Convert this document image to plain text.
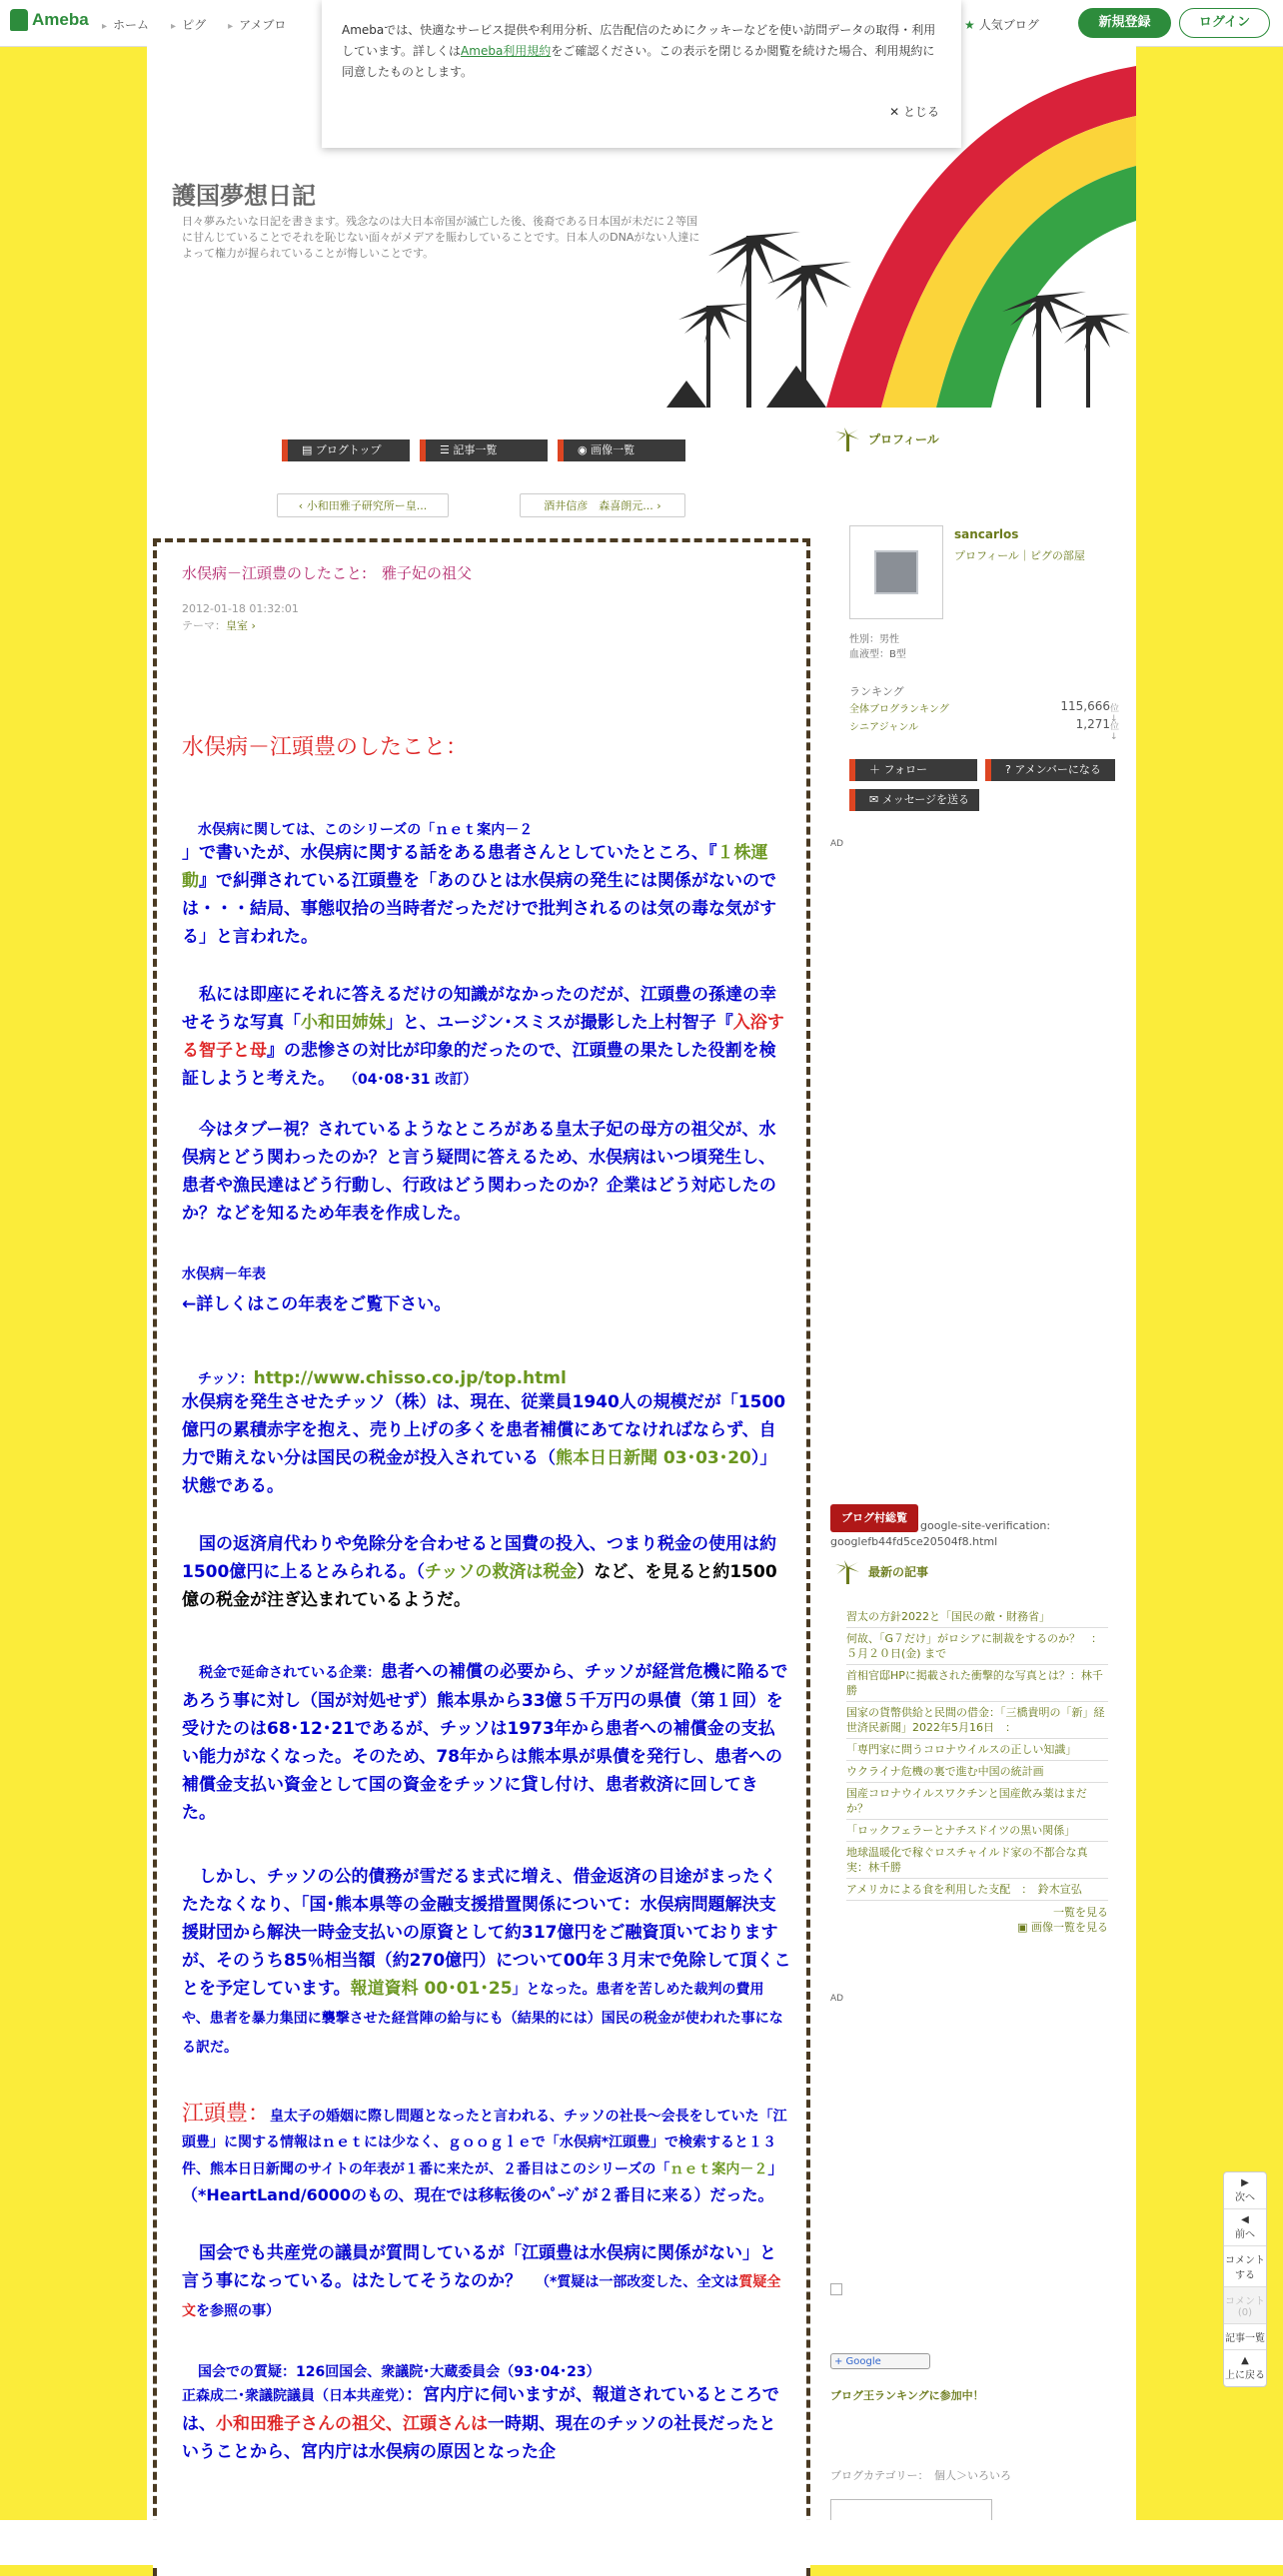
Ameba	▸ ホーム	▸ ピグ	▸ アメブロ	★ 人気ブログ	新規登録	ログイン

Amebaでは、快適なサービス提供や利用分析、広告配信のためにクッキーなどを使い訪問データの取得・利用しています。詳しくはAmeba利用規約をご確認ください。この表示を閉じるか閲覧を続けた場合、利用規約に同意したものとします。

✕ とじる
護国夢想日記
日々夢みたいな日記を書きます。残念なのは大日本帝国が滅亡した後、後裔である日本国が未だに２等国に甘んじていることでそれを恥じない面々がメデアを賑わしていることです。日本人のDNAがない人達によって権力が握られていることが悔しいことです。
▤ ブログトップ	☰ 記事一覧	◉ 画像一覧
‹ 小和田雅子研究所ー皇...	酒井信彦　森喜朗元... ›
水俣病－江頭豊のしたこと:　雅子妃の祖父
2012-01-18 01:32:01
テーマ：皇室 ›

水俣病－江頭豊のしたこと：

水俣病に関しては、このシリーズの「ｎｅｔ案内－２

」で書いたが、水俣病に関する話をある患者さんとしていたところ、『１株運動』で糾弾されている江頭豊を「あのひとは水俣病の発生には関係がないのでは・・・結局、事態収拾の当時者だっただけで批判されるのは気の毒な気がする」と言われた。

私には即座にそれに答えるだけの知識がなかったのだが、江頭豊の孫達の幸せそうな写真「小和田姉妹」と、ユージン･スミスが撮影した上村智子『入浴する智子と母』の悲惨さの対比が印象的だったので、江頭豊の果たした役割を検証しようと考えた。 （04･08･31 改訂）

今はタブー視？されているようなところがある皇太子妃の母方の祖父が、水俣病とどう関わったのか？と言う疑問に答えるため、水俣病はいつ頃発生し、患者や漁民達はどう行動し、行政はどう関わったのか？企業はどう対応したのか？などを知るため年表を作成した。

水俣病－年表

←詳しくはこの年表をご覧下さい。

チッソ：http://www.chisso.co.jp/top.html

水俣病を発生させたチッソ（株）は、現在、従業員1940人の規模だが「1500億円の累積赤字を抱え、売り上げの多くを患者補償にあてなければならず、自力で賄えない分は国民の税金が投入されている（熊本日日新聞 03･03･20）」状態である。

国の返済肩代わりや免除分を合わせると国費の投入、つまり税金の使用は約1500億円に上るとみられる。（チッソの救済は税金）など、を見ると約1500億の税金が注ぎ込まれているようだ。

税金で延命されている企業：患者への補償の必要から、チッソが経営危機に陥るであろう事に対し（国が対処せず）熊本県から33億５千万円の県債（第１回）を受けたのは68･12･21であるが、チッソは1973年から患者への補償金の支払い能力がなくなった。そのため、78年からは熊本県が県債を発行し、患者への補償金支払い資金として国の資金をチッソに貸し付け、患者救済に回してきた。

しかし、チッソの公的債務が雪だるま式に増え、借金返済の目途がまったくたたなくなり、「国･熊本県等の金融支援措置関係について：水俣病問題解決支援財団から解決一時金支払いの原資として約317億円をご融資頂いておりますが、そのうち85％相当額（約270億円）について00年３月末で免除して頂くことを予定しています。報道資料 00･01･25」となった。患者を苦しめた裁判の費用や、患者を暴力集団に襲撃させた経営陣の給与にも（結果的には）国民の税金が使われた事になる訳だ。

江頭豊：皇太子の婚姻に際し問題となったと言われる、チッソの社長～会長をしていた「江頭豊」に関する情報はｎｅｔには少なく、ｇｏｏｇｌｅで「水俣病*江頭豊」で検索すると１３件、熊本日日新聞のサイトの年表が１番に来たが、２番目はこのシリーズの「ｎｅｔ案内－２」（*HeartLand/6000のもの、現在では移転後のﾍﾟｰｼﾞが２番目に来る）だった。

国会でも共産党の議員が質問しているが「江頭豊は水俣病に関係がない」と言う事になっている。はたしてそうなのか？ （*質疑は一部改変した、全文は質疑全文を参照の事）

国会での質疑：126回国会、衆議院･大蔵委員会（93･04･23）

正森成二･衆議院議員（日本共産党）：宮内庁に伺いますが、報道されているところでは、小和田雅子さんの祖父、江頭さんは一時期、現在のチッソの社長だったということから、宮内庁は水俣病の原因となった企

プロフィール
sancarlos
プロフィール｜ピグの部屋
性別：男性
血液型：B型
ランキング
全体ブログランキング	115,666 位 ↓
シニアジャンル	1,271 位 ↓
＋ フォロー	? アメンバーになる
✉ メッセージを送る
AD
ブログ村総覧
google-site-verification: googlefb44fd5ce20504f8.html
最新の記事
習太の方針2022と「国民の敵・財務省」
何故、「G７だけ」がロシアに制裁をするのか？　：５月２０日(金) まで
首相官邸HPに掲載された衝撃的な写真とは？：林千勝
国家の貨幣供給と民間の借金：「三橋貴明の「新」経世済民新聞」2022年5月16日　：
「専門家に問うコロナウイルスの正しい知識」
ウクライナ危機の裏で進む中国の統計画
国産コロナウイルスワクチンと国産飲み薬はまだか？
「ロックフェラーとナチスドイツの黒い関係」
地球温暖化で稼ぐロスチャイルド家の不都合な真実：林千勝
アメリカによる食を利用した支配　：　鈴木宣弘
一覧を見る
▣ 画像一覧を見る
AD
+ Google
ブログ王ランキングに参加中！
ブログカテゴリー：　個人＞いろいろ
▶
次へ
◀
前へ
コメントする
コメント(0)
記事一覧
▲
上に戻る
